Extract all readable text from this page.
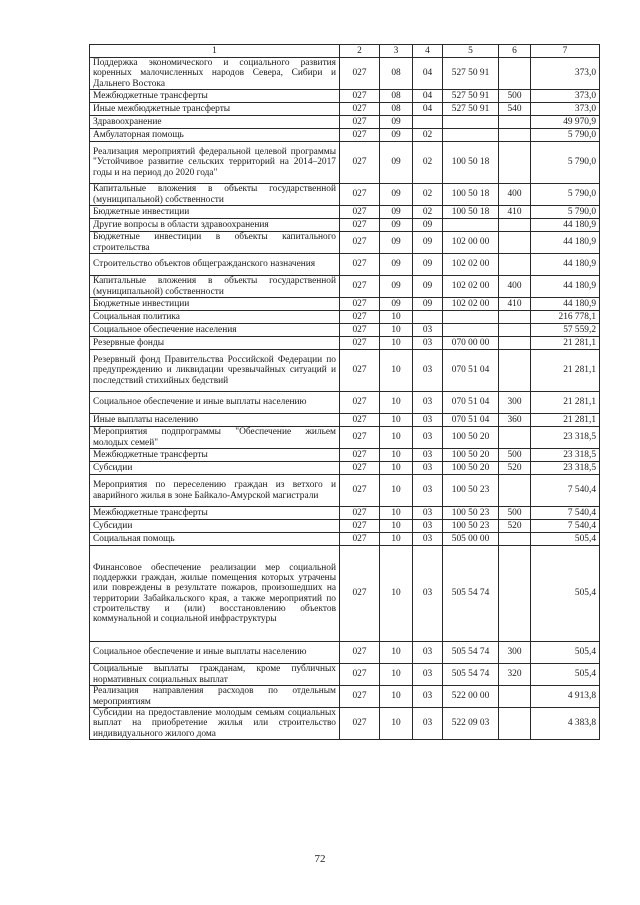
1	2	3	4	5	6	7
Поддержка экономического и социального развития коренных малочисленных народов Севера, Сибири и Дальнего Востока	027	08	04	527 50 91		373,0
Межбюджетные трансферты	027	08	04	527 50 91	500	373,0
Иные межбюджетные трансферты	027	08	04	527 50 91	540	373,0
Здравоохранение	027	09				49 970,9
Амбулаторная помощь	027	09	02			5 790,0
Реализация мероприятий федеральной целевой программы "Устойчивое развитие сельских территорий на 2014–2017 годы и на период до 2020 года"	027	09	02	100 50 18		5 790,0
Капитальные вложения в объекты государственной (муниципальной) собственности	027	09	02	100 50 18	400	5 790,0
Бюджетные инвестиции	027	09	02	100 50 18	410	5 790,0
Другие вопросы в области здравоохранения	027	09	09			44 180,9
Бюджетные инвестиции в объекты капитального строительства	027	09	09	102 00 00		44 180,9
Строительство объектов общегражданского назначения	027	09	09	102 02 00		44 180,9
Капитальные вложения в объекты государственной (муниципальной) собственности	027	09	09	102 02 00	400	44 180,9
Бюджетные инвестиции	027	09	09	102 02 00	410	44 180,9
Социальная политика	027	10				216 778,1
Социальное обеспечение населения	027	10	03			57 559,2
Резервные фонды	027	10	03	070 00 00		21 281,1
Резервный фонд Правительства Российской Федерации по предупреждению и ликвидации чрезвычайных ситуаций и последствий стихийных бедствий	027	10	03	070 51 04		21 281,1
Социальное обеспечение и иные выплаты населению	027	10	03	070 51 04	300	21 281,1
Иные выплаты населению	027	10	03	070 51 04	360	21 281,1
Мероприятия подпрограммы "Обеспечение жильем молодых семей"	027	10	03	100 50 20		23 318,5
Межбюджетные трансферты	027	10	03	100 50 20	500	23 318,5
Субсидии	027	10	03	100 50 20	520	23 318,5
Мероприятия по переселению граждан из ветхого и аварийного жилья в зоне Байкало-Амурской магистрали	027	10	03	100 50 23		7 540,4
Межбюджетные трансферты	027	10	03	100 50 23	500	7 540,4
Субсидии	027	10	03	100 50 23	520	7 540,4
Социальная помощь	027	10	03	505 00 00		505,4
Финансовое обеспечение реализации мер социальной поддержки граждан, жилые помещения которых утрачены или повреждены в результате пожаров, произошедших на территории Забайкальского края, а также мероприятий по строительству и (или) восстановлению объектов коммунальной и социальной инфраструктуры	027	10	03	505 54 74		505,4
Социальное обеспечение и иные выплаты населению	027	10	03	505 54 74	300	505,4
Социальные выплаты гражданам, кроме публичных нормативных социальных выплат	027	10	03	505 54 74	320	505,4
Реализация направления расходов по отдельным мероприятиям	027	10	03	522 00 00		4 913,8
Субсидии на предоставление молодым семьям социальных выплат на приобретение жилья или строительство индивидуального жилого дома	027	10	03	522 09 03		4 383,8
72
